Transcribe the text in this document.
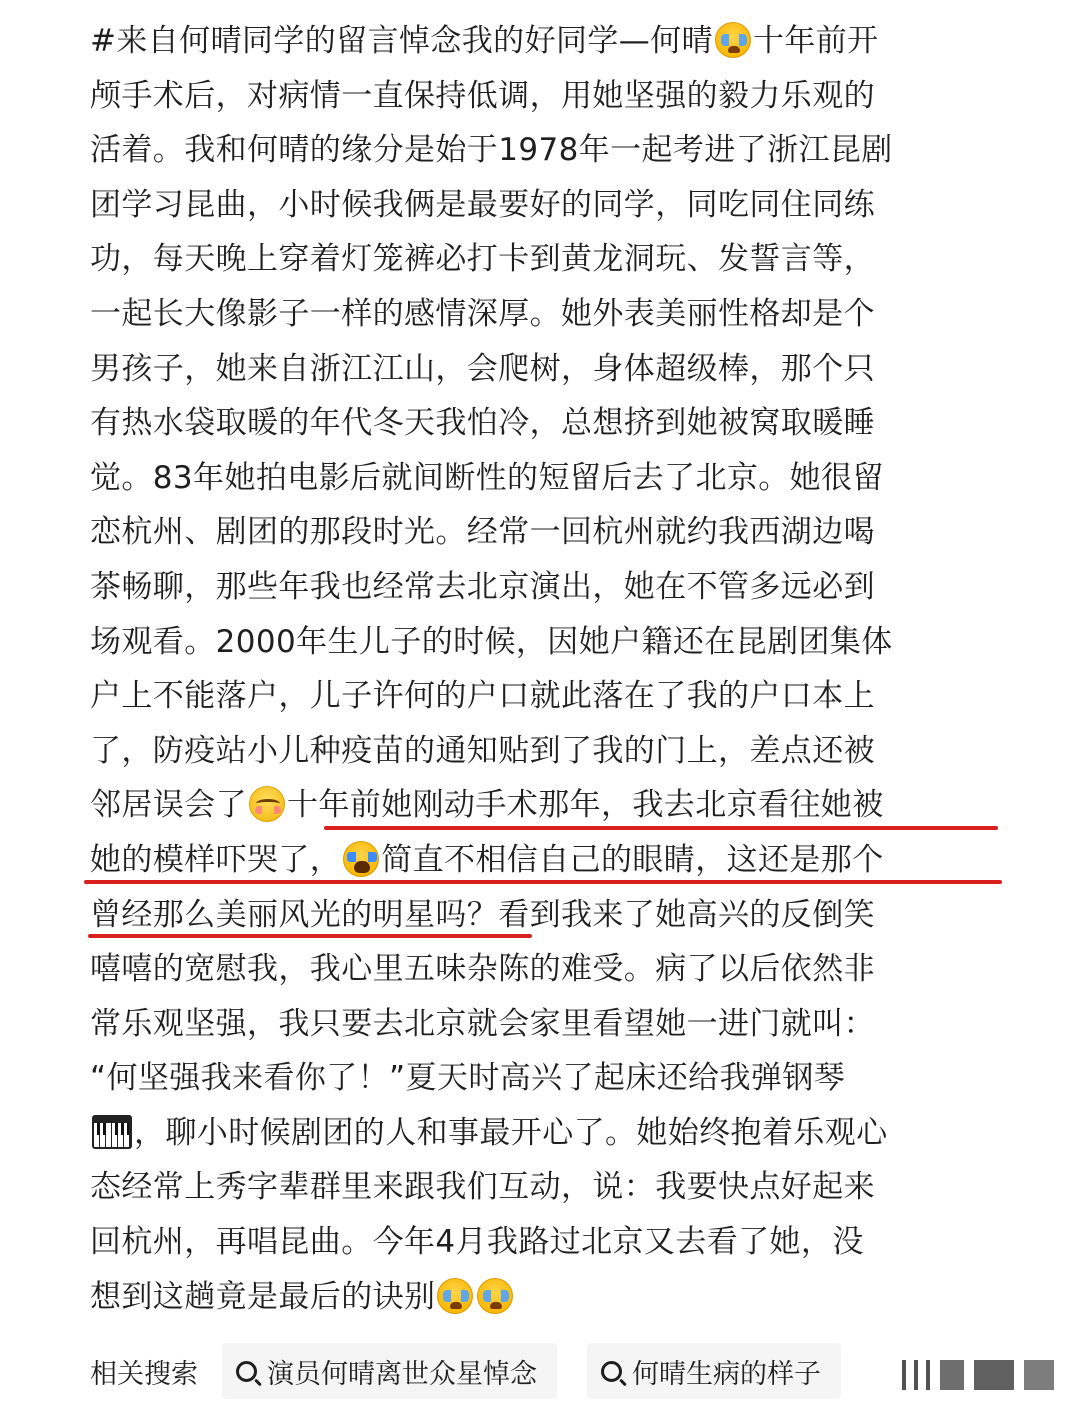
#来自何晴同学的留言悼念我的好同学—何晴 十年前开
颅手术后，对病情一直保持低调，用她坚强的毅力乐观的
活着。我和何晴的缘分是始于1978年一起考进了浙江昆剧
团学习昆曲，小时候我俩是最要好的同学，同吃同住同练
功，每天晚上穿着灯笼裤必打卡到黄龙洞玩、发誓言等，
一起长大像影子一样的感情深厚。她外表美丽性格却是个
男孩子，她来自浙江江山，会爬树，身体超级棒，那个只
有热水袋取暖的年代冬天我怕冷，总想挤到她被窝取暖睡
觉。83年她拍电影后就间断性的短留后去了北京。她很留
恋杭州、剧团的那段时光。经常一回杭州就约我西湖边喝
茶畅聊，那些年我也经常去北京演出，她在不管多远必到
场观看。2000年生儿子的时候，因她户籍还在昆剧团集体
户上不能落户，儿子许何的户口就此落在了我的户口本上
了，防疫站小儿种疫苗的通知贴到了我的门上，差点还被
邻居误会了 十年前她刚动手术那年，我去北京看往她被
她的模样吓哭了， 简直不相信自己的眼睛，这还是那个
曾经那么美丽风光的明星吗？看到我来了她高兴的反倒笑
嘻嘻的宽慰我，我心里五味杂陈的难受。病了以后依然非
常乐观坚强，我只要去北京就会家里看望她一进门就叫：
“何坚强我来看你了！”夏天时高兴了起床还给我弹钢琴
，聊小时候剧团的人和事最开心了。她始终抱着乐观心
态经常上秀字辈群里来跟我们互动，说：我要快点好起来
回杭州，再唱昆曲。今年4月我路过北京又去看了她，没
想到这趟竟是最后的诀别
相关搜索	演员何晴离世众星悼念	何晴生病的样子
